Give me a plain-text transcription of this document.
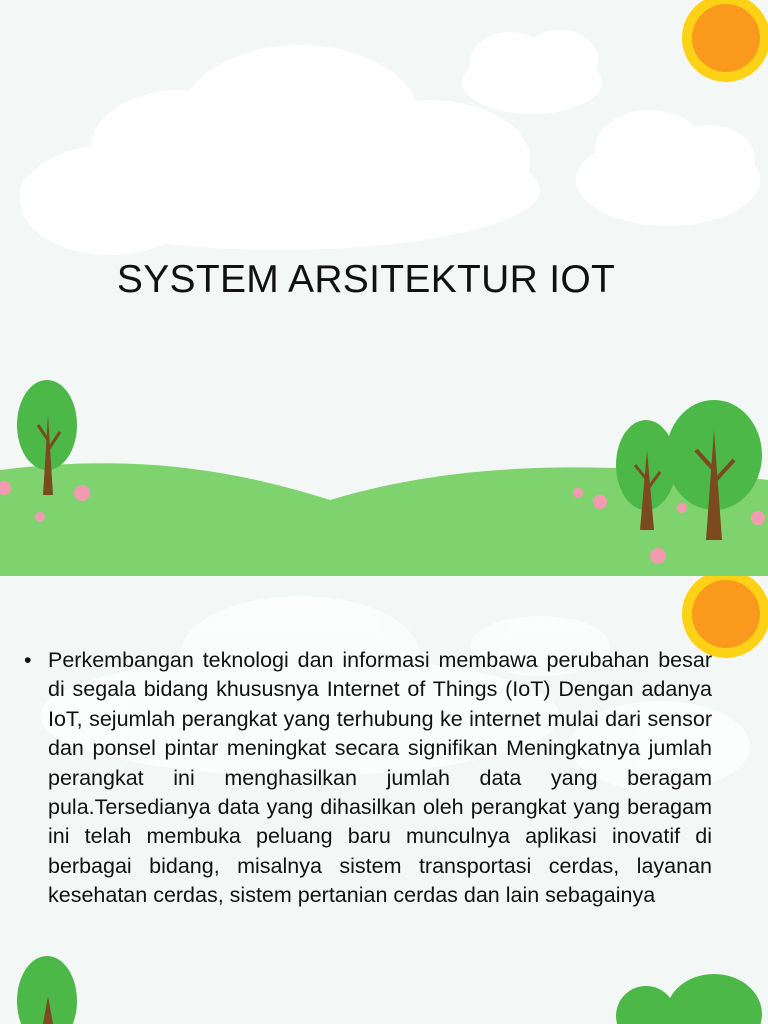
SYSTEM ARSITEKTUR IOT
• Perkembangan teknologi dan informasi membawa perubahan besar di segala bidang khususnya Internet of Things (IoT) Dengan adanya IoT, sejumlah perangkat yang terhubung ke internet mulai dari sensor dan ponsel pintar meningkat secara signifikan Meningkatnya jumlah perangkat ini menghasilkan jumlah data yang beragam pula.Tersedianya data yang dihasilkan oleh perangkat yang beragam ini telah membuka peluang baru munculnya aplikasi inovatif di berbagai bidang, misalnya sistem transportasi cerdas, layanan kesehatan cerdas, sistem pertanian cerdas dan lain sebagainya
